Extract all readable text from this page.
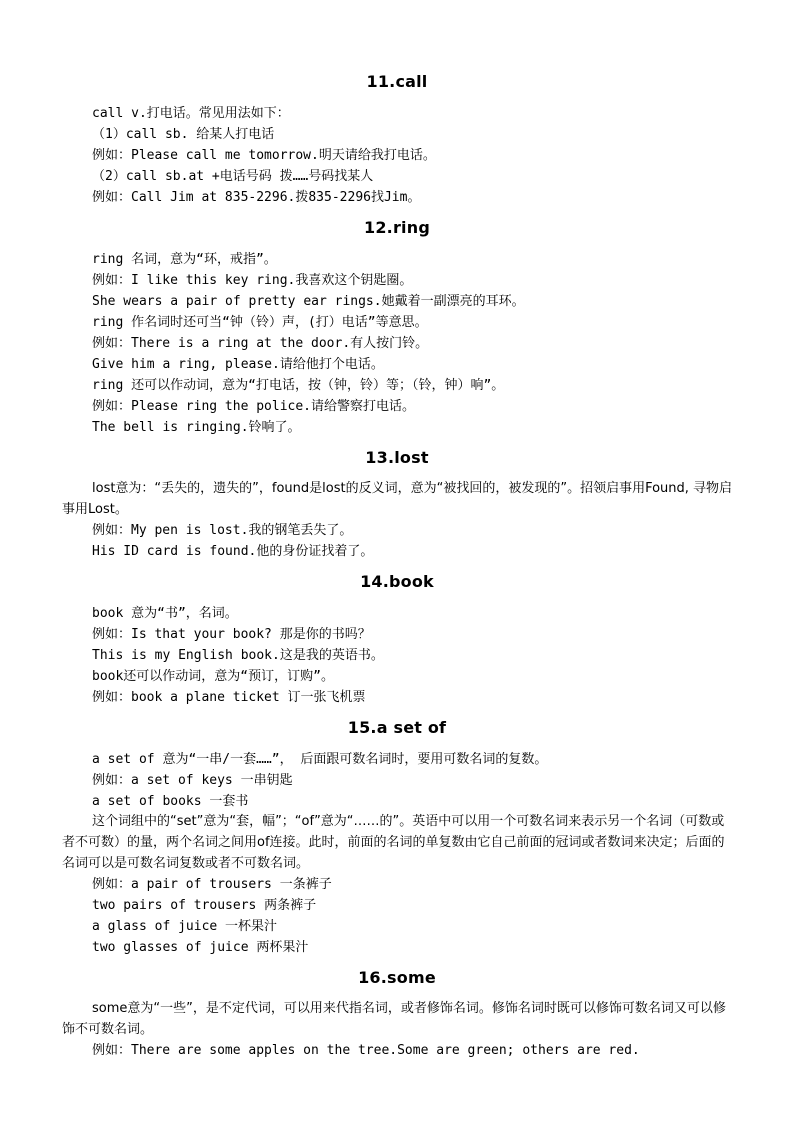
11.call
call v.打电话。常见用法如下：
（1）call sb. 给某人打电话
例如：Please call me tomorrow.明天请给我打电话。
（2）call sb.at +电话号码 拨……号码找某人
例如：Call Jim at 835-2296.拨835-2296找Jim。
12.ring
ring 名词，意为“环，戒指”。
例如：I like this key ring.我喜欢这个钥匙圈。
She wears a pair of pretty ear rings.她戴着一副漂亮的耳环。
ring 作名词时还可当“钟（铃）声，(打）电话”等意思。
例如：There is a ring at the door.有人按门铃。
Give him a ring, please.请给他打个电话。
ring 还可以作动词，意为“打电话，按（钟，铃）等；（铃，钟）响”。
例如：Please ring the police.请给警察打电话。
The bell is ringing.铃响了。
13.lost
lost意为：“丢失的，遗失的”，found是lost的反义词，意为“被找回的，被发现的”。招领启事用Found, 寻物启事用Lost。
例如：My pen is lost.我的钢笔丢失了。
His ID card is found.他的身份证找着了。
14.book
book 意为“书”，名词。
例如：Is that your book? 那是你的书吗？
This is my English book.这是我的英语书。
book还可以作动词，意为“预订，订购”。
例如：book a plane ticket 订一张飞机票
15.a set of
a set of 意为“一串/一套……”， 后面跟可数名词时，要用可数名词的复数。
例如：a set of keys 一串钥匙
a set of books 一套书
这个词组中的“set”意为“套，幅”；“of”意为“……的”。英语中可以用一个可数名词来表示另一个名词（可数或者不可数）的量，两个名词之间用of连接。此时，前面的名词的单复数由它自己前面的冠词或者数词来决定；后面的名词可以是可数名词复数或者不可数名词。
例如：a pair of trousers 一条裤子
two pairs of trousers 两条裤子
a glass of juice 一杯果汁
two glasses of juice 两杯果汁
16.some
some意为“一些”，是不定代词，可以用来代指名词，或者修饰名词。修饰名词时既可以修饰可数名词又可以修饰不可数名词。
例如：There are some apples on the tree.Some are green; others are red.
